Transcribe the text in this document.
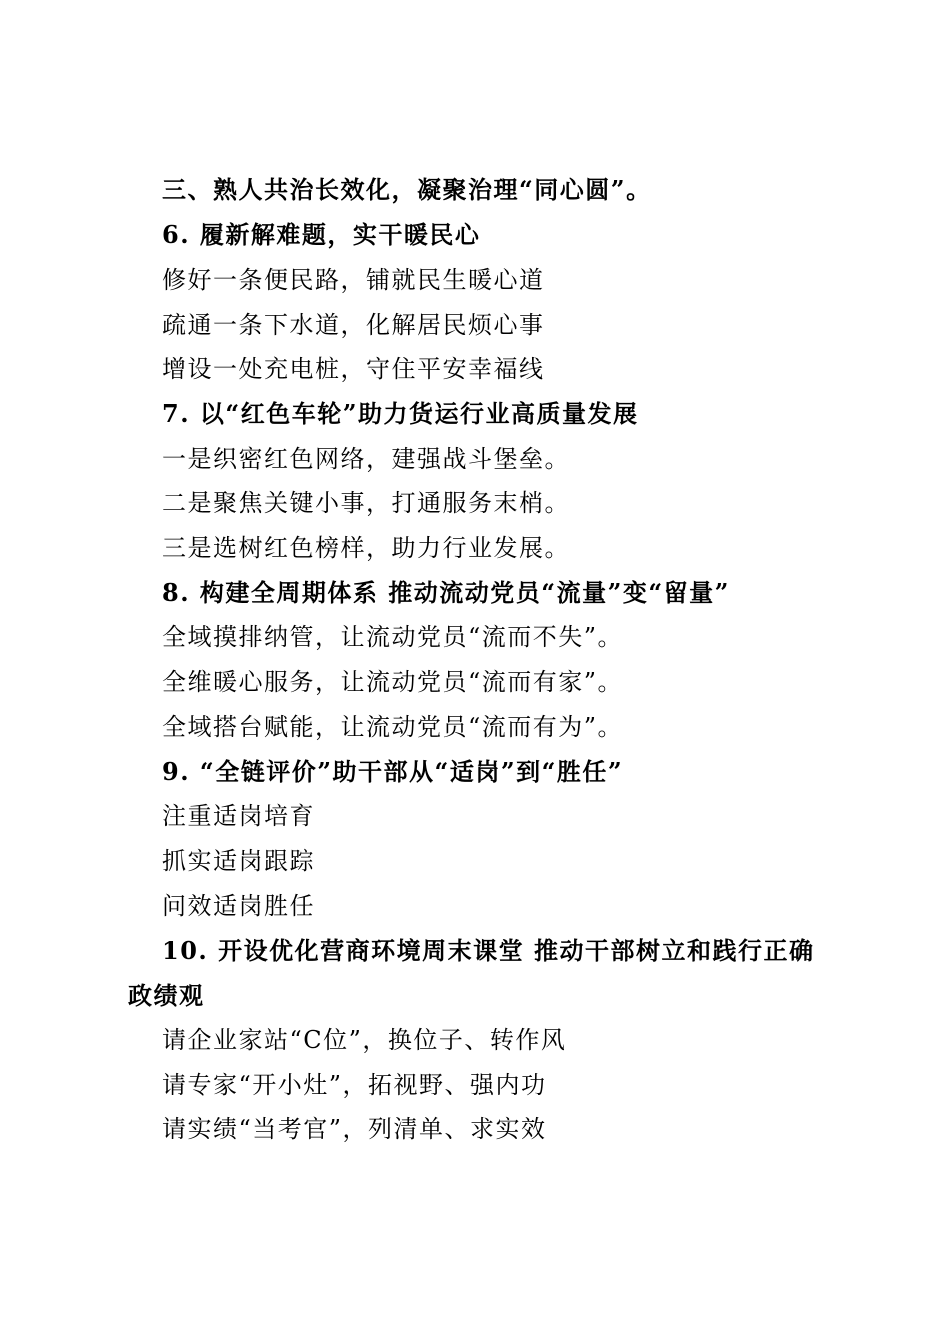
三、熟人共治长效化，凝聚治理“同心圆”。
6. 履新解难题，实干暖民心
修好一条便民路，铺就民生暖心道
疏通一条下水道，化解居民烦心事
增设一处充电桩，守住平安幸福线
7. 以“红色车轮”助力货运行业高质量发展
一是织密红色网络，建强战斗堡垒。
二是聚焦关键小事，打通服务末梢。
三是选树红色榜样，助力行业发展。
8. 构建全周期体系 推动流动党员“流量”变“留量”
全域摸排纳管，让流动党员“流而不失”。
全维暖心服务，让流动党员“流而有家”。
全域搭台赋能，让流动党员“流而有为”。
9. “全链评价”助干部从“适岗”到“胜任”
注重适岗培育
抓实适岗跟踪
问效适岗胜任
10. 开设优化营商环境周末课堂 推动干部树立和践行正确
政绩观
请企业家站“C位”，换位子、转作风
请专家“开小灶”，拓视野、强内功
请实绩“当考官”，列清单、求实效
